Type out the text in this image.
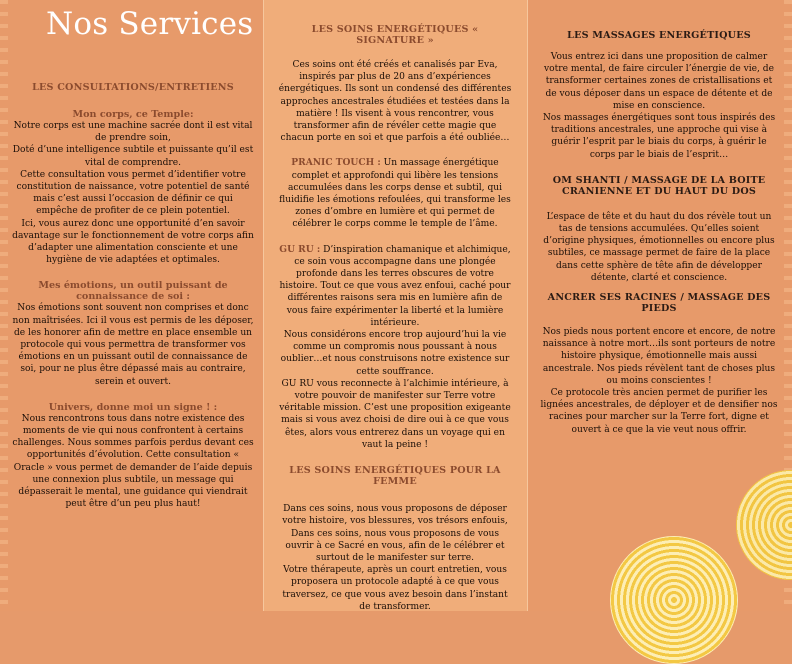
Nos Services
LES CONSULTATIONS/ENTRETIENS
Mon corps, ce Temple:

Notre corps est une machine sacrée dont il est vital de prendre soin,

Doté d’une intelligence subtile et puissante qu’il est vital de comprendre.

Cette consultation vous permet d’identifier votre constitution de naissance, votre potentiel de santé mais c’est aussi l’occasion de définir ce qui empêche de profiter de ce plein potentiel.

Ici, vous aurez donc une opportunité d’en savoir davantage sur le fonctionnement de votre corps afin d’adapter une alimentation consciente et une hygiène de vie adaptées et optimales.

Mes émotions, un outil puissant de connaissance de soi :

Nos émotions sont souvent non comprises et donc non maîtrisées. Ici il vous est permis de les déposer, de les honorer afin de mettre en place ensemble un protocole qui vous permettra de transformer vos émotions en un puissant outil de connaissance de soi, pour ne plus être dépassé mais au contraire, serein et ouvert.

Univers, donne moi un signe ! :

Nous rencontrons tous dans notre existence des moments de vie qui nous confrontent à certains challenges. Nous sommes parfois perdus devant ces opportunités d’évolution. Cette consultation « Oracle » vous permet de demander de l’aide depuis une connexion plus subtile, un message qui dépasserait le mental, une guidance qui viendrait peut être d’un peu plus haut!

LES SOINS ENERGÉTIQUES « SIGNATURE »

Ces soins ont été créés et canalisés par Eva, inspirés par plus de 20 ans d’expériences énergétiques. Ils sont un condensé des différentes approches ancestrales étudiées et testées dans la matière ! Ils visent à vous rencontrer, vous transformer afin de révéler cette magie que chacun porte en soi et que parfois a été oubliée…

PRANIC TOUCH : Un massage énergétique complet et approfondi qui libère les tensions accumulées dans les corps dense et subtil, qui fluidifie les émotions refoulées, qui transforme les zones d’ombre en lumière et qui permet de célébrer le corps comme le temple de l’âme.

GU RU : D’inspiration chamanique et alchimique, ce soin vous accompagne dans une plongée profonde dans les terres obscures de votre histoire. Tout ce que vous avez enfoui, caché pour différentes raisons sera mis en lumière afin de vous faire expérimenter la liberté et la lumière intérieure.

Nous considérons encore trop aujourd’hui la vie comme un compromis nous poussant à nous oublier…et nous construisons notre existence sur cette souffrance.

GU RU vous reconnecte à l’alchimie intérieure, à votre pouvoir de manifester sur Terre votre véritable mission. C’est une proposition exigeante mais si vous avez choisi de dire oui à ce que vous êtes, alors vous entrerez dans un voyage qui en vaut la peine !

LES SOINS ENERGÉTIQUES POUR LA FEMME

Dans ces soins, nous vous proposons de déposer votre histoire, vos blessures, vos trésors enfouis,

Dans ces soins, nous vous proposons de vous ouvrir à ce Sacré en vous, afin de le célébrer et surtout de le manifester sur terre.

Votre thérapeute, après un court entretien, vous proposera un protocole adapté à ce que vous traversez, ce que vous avez besoin dans l’instant de transformer.

LES MASSAGES ENERGÉTIQUES

Vous entrez ici dans une proposition de calmer votre mental, de faire circuler l’énergie de vie, de transformer certaines zones de cristallisations et de vous déposer dans un espace de détente et de mise en conscience.

Nos massages énergétiques sont tous inspirés des traditions ancestrales, une approche qui vise à guérir l’esprit par le biais du corps, à guérir le corps par le biais de l’esprit…

OM SHANTI / MASSAGE DE LA BOITE CRANIENNE ET DU HAUT DU DOS

L’espace de tête et du haut du dos révèle tout un tas de tensions accumulées. Qu’elles soient d’origine physiques, émotionnelles ou encore plus subtiles, ce massage permet de faire de la place dans cette sphère de tête afin de développer détente, clarté et conscience.

ANCRER SES RACINES / MASSAGE DES PIEDS

Nos pieds nous portent encore et encore, de notre naissance à notre mort…ils sont porteurs de notre histoire physique, émotionnelle mais aussi ancestrale. Nos pieds révèlent tant de choses plus ou moins conscientes !

Ce protocole très ancien permet de purifier les lignées ancestrales, de déployer et de densifier nos racines pour marcher sur la Terre fort, digne et ouvert à ce que la vie veut nous offrir.
